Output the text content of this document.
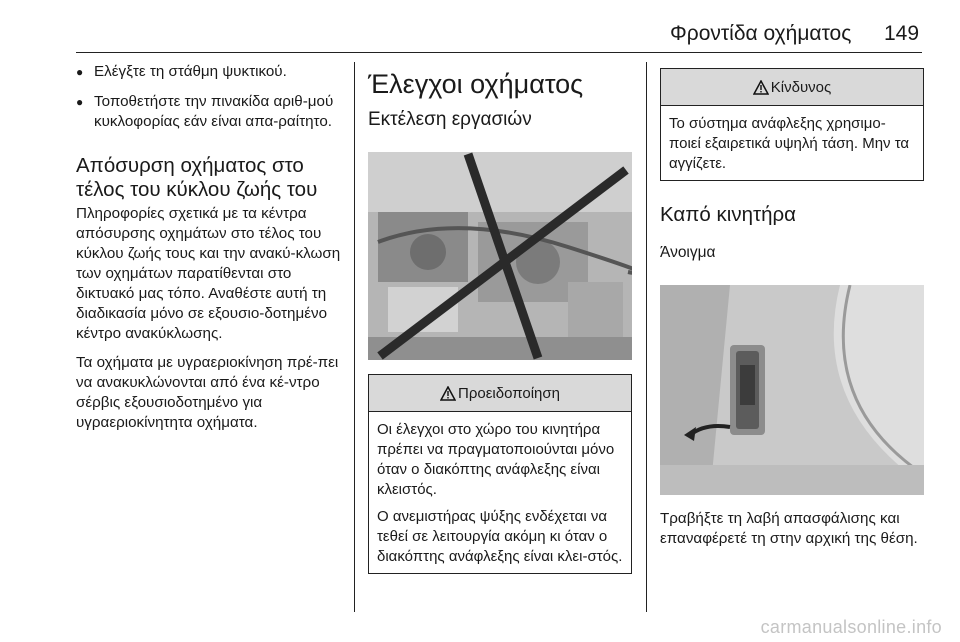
Φροντίδα οχήματος 149
● Ελέγξτε τη στάθμη ψυκτικού.
● Τοποθετήστε την πινακίδα αριθ-μού κυκλοφορίας εάν είναι απα-ραίτητο.
Απόσυρση οχήματος στο τέλος του κύκλου ζωής του

Πληροφορίες σχετικά με τα κέντρα απόσυρσης οχημάτων στο τέλος του κύκλου ζωής τους και την ανακύ-κλωση των οχημάτων παρατίθενται στο δικτυακό μας τόπο. Αναθέστε αυτή τη διαδικασία μόνο σε εξουσιο-δοτημένο κέντρο ανακύκλωσης.

Τα οχήματα με υγραεριοκίνηση πρέ-πει να ανακυκλώνονται από ένα κέ-ντρο σέρβις εξουσιοδοτημένο για υγραεριοκίνητητα οχήματα.

Έλεγχοι οχήματος
Εκτέλεση εργασιών
Προειδοποίηση

Οι έλεγχοι στο χώρο του κινητήρα πρέπει να πραγματοποιούνται μόνο όταν ο διακόπτης ανάφλεξης είναι κλειστός.

Ο ανεμιστήρας ψύξης ενδέχεται να τεθεί σε λειτουργία ακόμη κι όταν ο διακόπτης ανάφλεξης είναι κλει-στός.

Κίνδυνος

Το σύστημα ανάφλεξης χρησιμο-ποιεί εξαιρετικά υψηλή τάση. Μην τα αγγίζετε.

Καπό κινητήρα
Άνοιγμα

Τραβήξτε τη λαβή απασφάλισης και επαναφέρετέ τη στην αρχική της θέση.

carmanualsonline.info
